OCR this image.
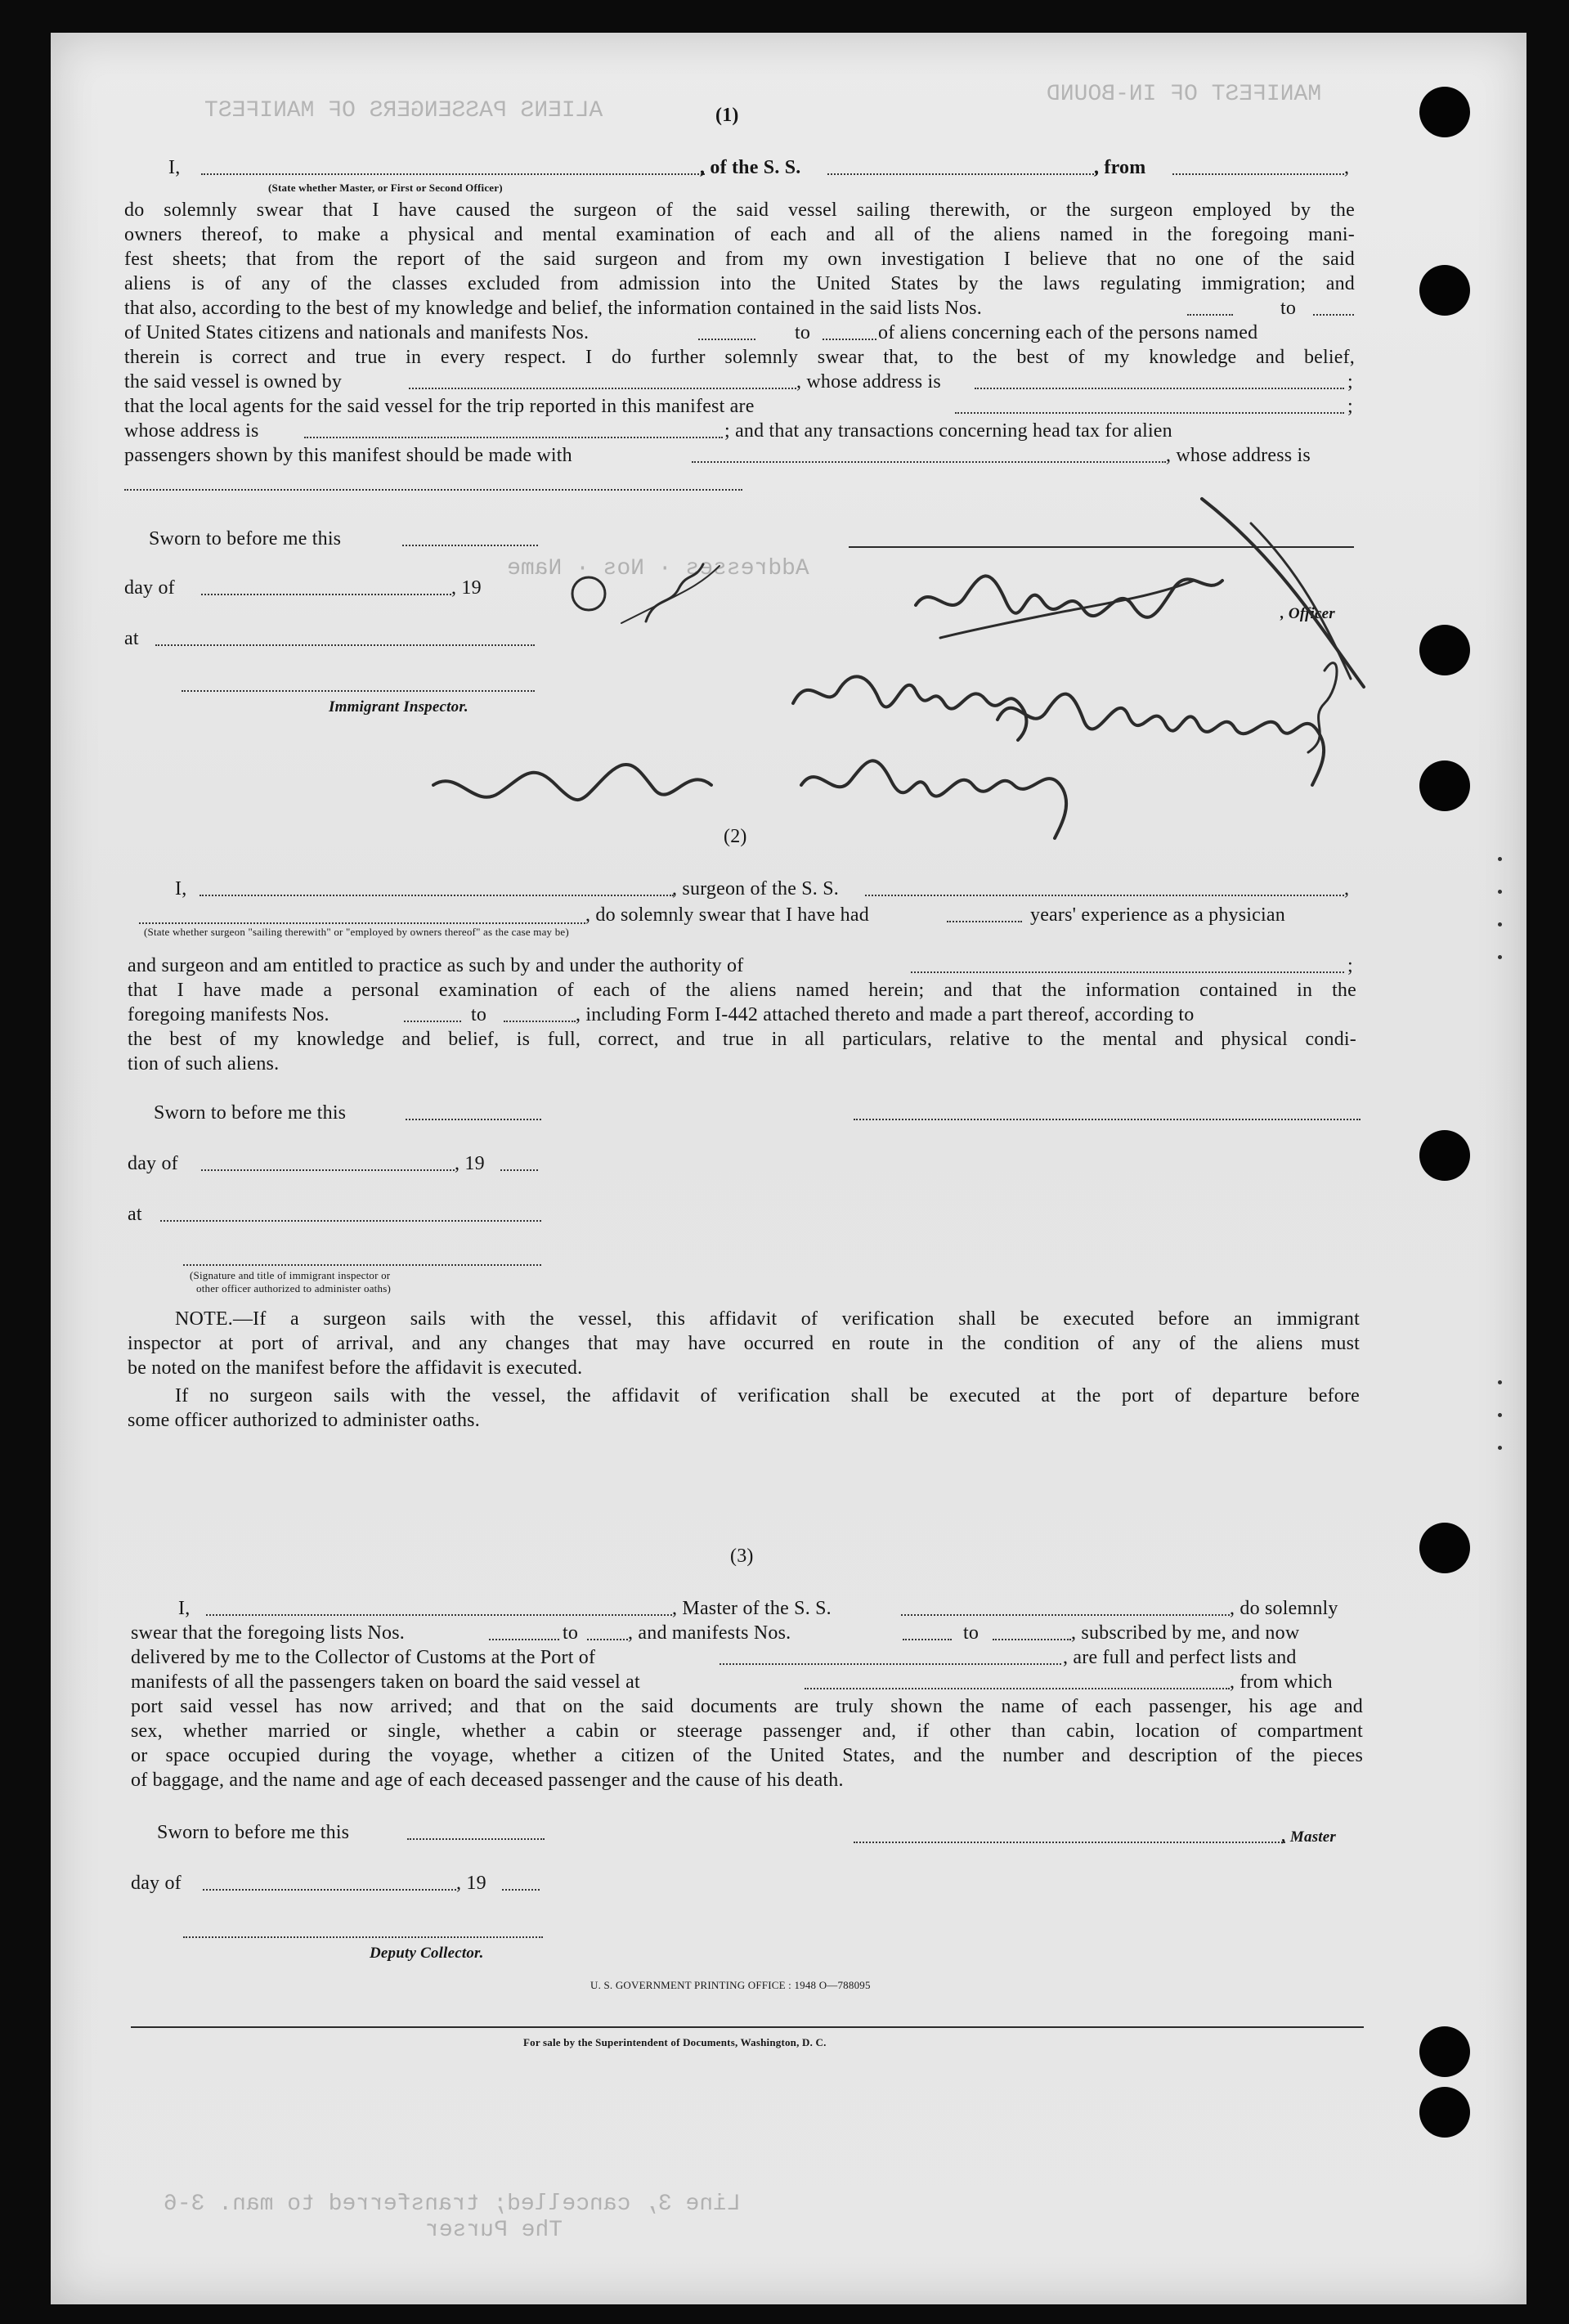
ALIENS PASSENGERS OF MANIFEST
MANIFEST OF IN-BOUND
Addresses · Nos · Name
Line 3, cancelled; transferred to man. 3-6
The Purser
(1)
I,	, of the S. S.	, from	,
(State whether Master, or First or Second Officer)
do solemnly swear that I have caused the surgeon of the said vessel sailing therewith, or the surgeon employed by the
owners thereof, to make a physical and mental examination of each and all of the aliens named in the foregoing mani-
fest sheets; that from the report of the said surgeon and from my own investigation I believe that no one of the said
aliens is of any of the classes excluded from admission into the United States by the laws regulating immigration; and
that also, according to the best of my knowledge and belief, the information contained in the said lists Nos.	to
of United States citizens and nationals and manifests Nos.	to	of aliens concerning each of the persons named
therein is correct and true in every respect. I do further solemnly swear that, to the best of my knowledge and belief,
the said vessel is owned by	, whose address is	;
that the local agents for the said vessel for the trip reported in this manifest are	;
whose address is	; and that any transactions concerning head tax for alien
passengers shown by this manifest should be made with	, whose address is
Sworn to before me this
day of	, 19
, Officer
at
Immigrant Inspector.
(2)
I,	, surgeon of the S. S.	,
, do solemnly swear that I have had	years' experience as a physician
(State whether surgeon "sailing therewith" or "employed by owners thereof" as the case may be)
and surgeon and am entitled to practice as such by and under the authority of	;
that I have made a personal examination of each of the aliens named herein; and that the information contained in the
foregoing manifests Nos.	to	, including Form I-442 attached thereto and made a part thereof, according to
the best of my knowledge and belief, is full, correct, and true in all particulars, relative to the mental and physical condi-
tion of such aliens.
Sworn to before me this
day of	, 19
at
(Signature and title of immigrant inspector or
other officer authorized to administer oaths)
NOTE.—If a surgeon sails with the vessel, this affidavit of verification shall be executed before an immigrant
inspector at port of arrival, and any changes that may have occurred en route in the condition of any of the aliens must
be noted on the manifest before the affidavit is executed.
If no surgeon sails with the vessel, the affidavit of verification shall be executed at the port of departure before
some officer authorized to administer oaths.
(3)
I,	, Master of the S. S.	, do solemnly
swear that the foregoing lists Nos.	to	, and manifests Nos.	to	, subscribed by me, and now
delivered by me to the Collector of Customs at the Port of	, are full and perfect lists and
manifests of all the passengers taken on board the said vessel at	, from which
port said vessel has now arrived; and that on the said documents are truly shown the name of each passenger, his age and
sex, whether married or single, whether a cabin or steerage passenger and, if other than cabin, location of compartment
or space occupied during the voyage, whether a citizen of the United States, and the number and description of the pieces
of baggage, and the name and age of each deceased passenger and the cause of his death.
Sworn to before me this	, Master
day of	, 19
Deputy Collector.
U. S. GOVERNMENT PRINTING OFFICE : 1948 O—788095
For sale by the Superintendent of Documents, Washington, D. C.
